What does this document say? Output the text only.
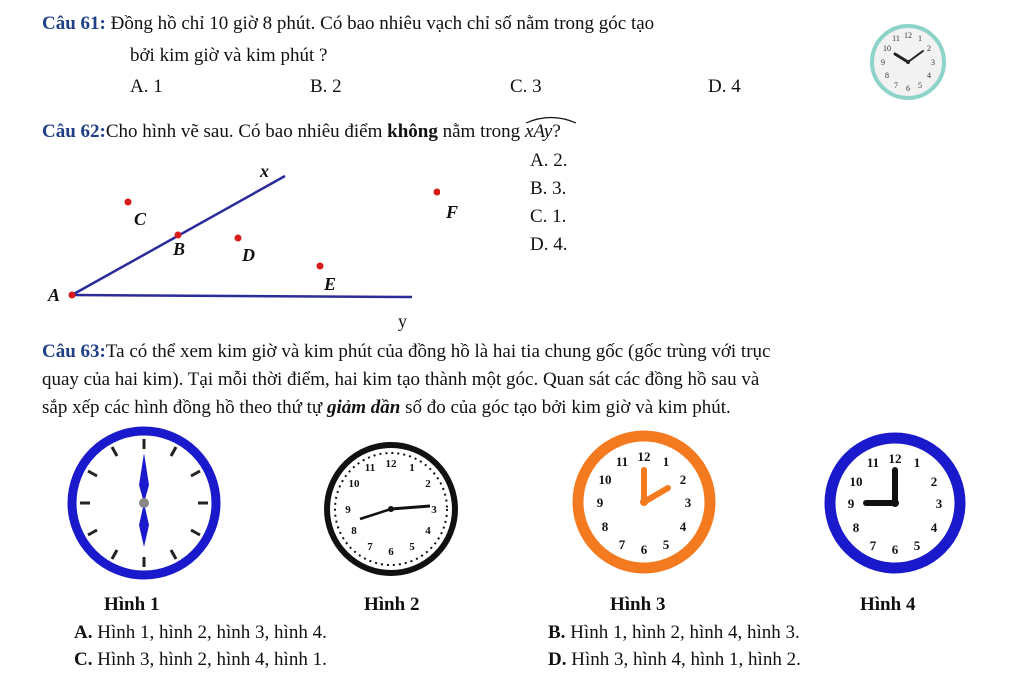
Câu 61: Đồng hồ chỉ 10 giờ 8 phút. Có bao nhiêu vạch chỉ số nằm trong góc tạo
bởi kim giờ và kim phút ?
A. 1	B. 2	C. 3	D. 4
12 1
2
3
4
5
6
7
8
9
10
11
Câu 62:Cho hình vẽ sau. Có bao nhiêu điểm không nằm trong xAy
?
A. 2.
B. 3.
C. 1.
D. 4.
x
y
A
B
C
D
E
F
Câu 63:Ta có thể xem kim giờ và kim phút của đồng hồ là hai tia chung gốc (gốc trùng với trục
quay của hai kim). Tại mỗi thời điểm, hai kim tạo thành một góc. Quan sát các đồng hồ sau và
sắp xếp các hình đồng hồ theo thứ tự giảm dần số đo của góc tạo bởi kim giờ và kim phút.
12 1
2
3
4
5
6
7
8
9
10
11
12 1
2
3
4
5
6
7
8
9
10
11	12 1
2
3
4
5
6
7
8
9
10
11
Hình 1	Hình 2	Hình 3	Hình 4
A. Hình 1, hình 2, hình 3, hình 4.	B. Hình 1, hình 2, hình 4, hình 3.
C. Hình 3, hình 2, hình 4, hình 1.	D. Hình 3, hình 4, hình 1, hình 2.
